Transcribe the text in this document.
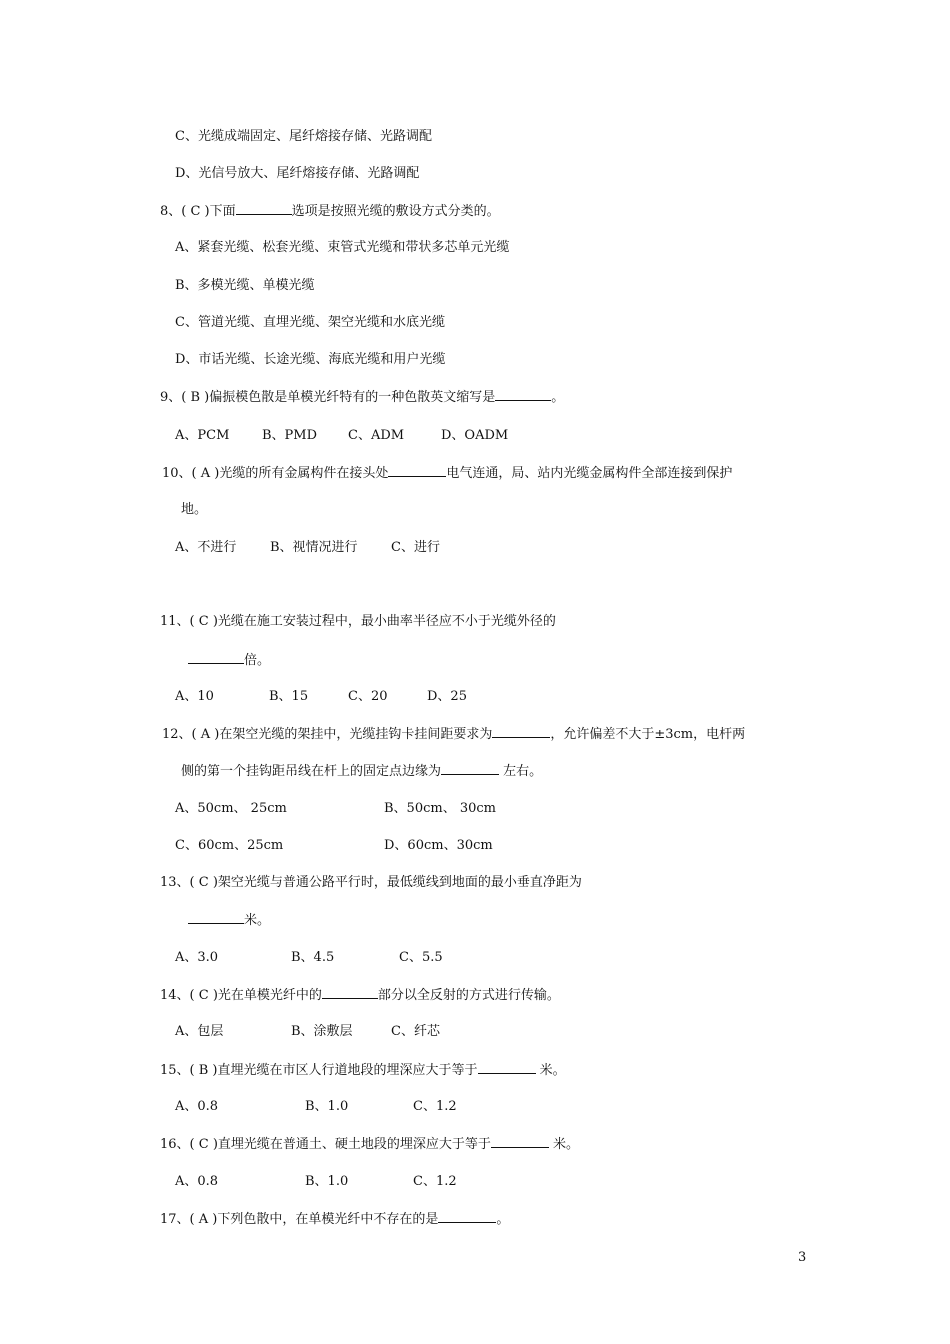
C、光缆成端固定、尾纤熔接存储、光路调配
D、光信号放大、尾纤熔接存储、光路调配
8、( C )下面	选项是按照光缆的敷设方式分类的。
A、紧套光缆、松套光缆、束管式光缆和带状多芯单元光缆
B、多模光缆、单模光缆
C、管道光缆、直埋光缆、架空光缆和水底光缆
D、市话光缆、长途光缆、海底光缆和用户光缆
9、( B )偏振模色散是单模光纤特有的一种色散英文缩写是	。
A、PCM	B、PMD C、ADM	D、OADM
10、( A )光缆的所有金属构件在接头处	电气连通，局、站内光缆金属构件全部连接到保护
地。
A、不进行	B、视情况进行	C、进行
11、( C )光缆在施工安装过程中，最小曲率半径应不小于光缆外径的
倍。
A、10	B、15	C、20	D、25
12、( A )在架空光缆的架挂中，光缆挂钩卡挂间距要求为	，允许偏差不大于±3cm，电杆两
侧的第一个挂钩距吊线在杆上的固定点边缘为	左右。
A、50cm、 25cm	B、50cm、 30cm
C、60cm、25cm	D、60cm、30cm
13、( C )架空光缆与普通公路平行时，最低缆线到地面的最小垂直净距为
米。
A、3.0	B、4.5	C、5.5
14、( C )光在单模光纤中的	部分以全反射的方式进行传输。
A、包层	B、涂敷层	C、纤芯
15、( B )直埋光缆在市区人行道地段的埋深应大于等于	米。
A、0.8	B、1.0	C、1.2
16、( C )直埋光缆在普通土、硬土地段的埋深应大于等于	米。
A、0.8	B、1.0	C、1.2
17、( A )下列色散中，在单模光纤中不存在的是	。
3
